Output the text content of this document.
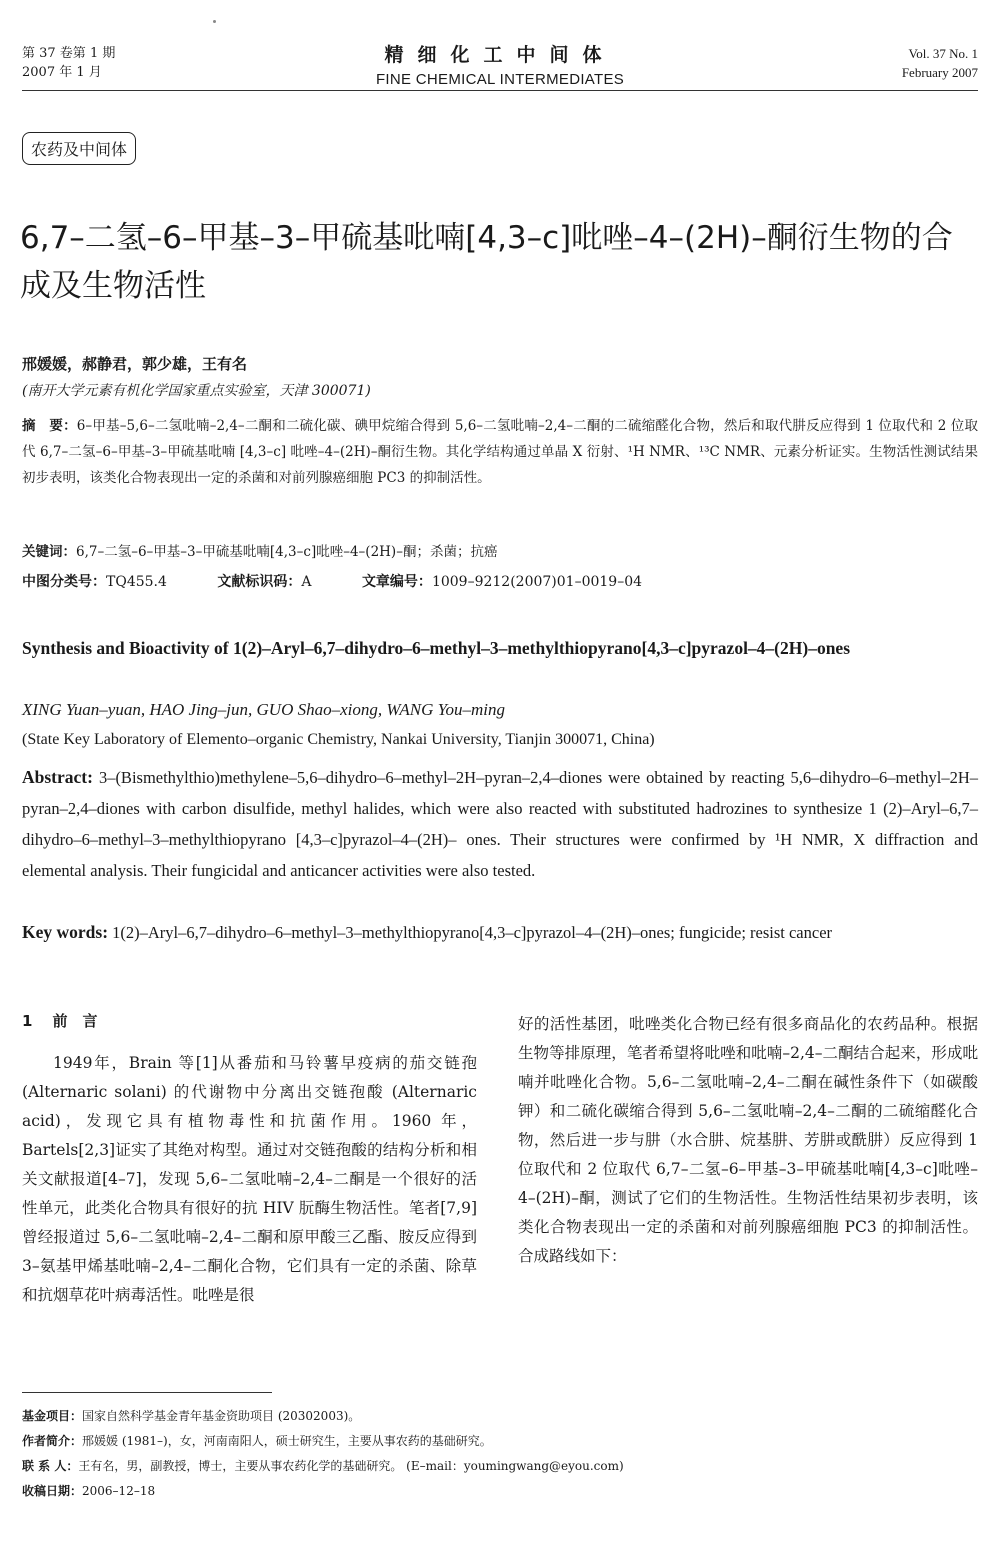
第 37 卷第 1 期
2007 年 1 月
精细化工中间体
FINE CHEMICAL INTERMEDIATES
Vol. 37 No. 1
February 2007
农药及中间体
6,7–二氢–6–甲基–3–甲硫基吡喃[4,3–c]吡唑–4–(2H)–酮衍生物的合成及生物活性
邢媛媛，郝静君，郭少雄，王有名
(南开大学元素有机化学国家重点实验室，天津 300071)
摘　要：6–甲基–5,6–二氢吡喃–2,4–二酮和二硫化碳、碘甲烷缩合得到 5,6–二氢吡喃–2,4–二酮的二硫缩醛化合物，然后和取代肼反应得到 1 位取代和 2 位取代 6,7–二氢–6–甲基–3–甲硫基吡喃 [4,3–c] 吡唑–4–(2H)–酮衍生物。其化学结构通过单晶 X 衍射、¹H NMR、¹³C NMR、元素分析证实。生物活性测试结果初步表明，该类化合物表现出一定的杀菌和对前列腺癌细胞 PC3 的抑制活性。
关键词：6,7–二氢–6–甲基–3–甲硫基吡喃[4,3–c]吡唑–4–(2H)–酮；杀菌；抗癌
中图分类号：TQ455.4	文献标识码：A	文章编号：1009–9212(2007)01–0019–04
Synthesis and Bioactivity of 1(2)–Aryl–6,7–dihydro–6–methyl–3–methylthiopyrano[4,3–c]pyrazol–4–(2H)–ones
XING Yuan–yuan, HAO Jing–jun, GUO Shao–xiong, WANG You–ming
(State Key Laboratory of Elemento–organic Chemistry, Nankai University, Tianjin 300071, China)
Abstract: 3–(Bismethylthio)methylene–5,6–dihydro–6–methyl–2H–pyran–2,4–diones were obtained by reacting 5,6–dihydro–6–methyl–2H–pyran–2,4–diones with carbon disulfide, methyl halides, which were also reacted with substituted hadrozines to synthesize 1 (2)–Aryl–6,7–dihydro–6–methyl–3–methylthiopyrano [4,3–c]pyrazol–4–(2H)– ones. Their structures were confirmed by ¹H NMR, X diffraction and elemental analysis. Their fungicidal and anticancer activities were also tested.
Key words: 1(2)–Aryl–6,7–dihydro–6–methyl–3–methylthiopyrano[4,3–c]pyrazol–4–(2H)–ones; fungicide; resist cancer
1 前　言

1949年，Brain 等[1]从番茄和马铃薯早疫病的茄交链孢 (Alternaric solani) 的代谢物中分离出交链孢酸 (Alternaric acid)，发现它具有植物毒性和抗菌作用。1960 年，Bartels[2,3]证实了其绝对构型。通过对交链孢酸的结构分析和相关文献报道[4–7]，发现 5,6–二氢吡喃–2,4–二酮是一个很好的活性单元，此类化合物具有很好的抗 HIV 朊酶生物活性。笔者[7,9]曾经报道过 5,6–二氢吡喃–2,4–二酮和原甲酸三乙酯、胺反应得到 3–氨基甲烯基吡喃–2,4–二酮化合物，它们具有一定的杀菌、除草和抗烟草花叶病毒活性。吡唑是很

好的活性基团，吡唑类化合物已经有很多商品化的农药品种。根据生物等排原理，笔者希望将吡唑和吡喃–2,4–二酮结合起来，形成吡喃并吡唑化合物。5,6–二氢吡喃–2,4–二酮在碱性条件下（如碳酸钾）和二硫化碳缩合得到 5,6–二氢吡喃–2,4–二酮的二硫缩醛化合物，然后进一步与肼（水合肼、烷基肼、芳肼或酰肼）反应得到 1 位取代和 2 位取代 6,7–二氢–6–甲基–3–甲硫基吡喃[4,3–c]吡唑–4–(2H)–酮，测试了它们的生物活性。生物活性结果初步表明，该类化合物表现出一定的杀菌和对前列腺癌细胞 PC3 的抑制活性。合成路线如下：

基金项目：国家自然科学基金青年基金资助项目 (20302003)。
作者简介：邢媛媛 (1981–)，女，河南南阳人，硕士研究生，主要从事农药的基础研究。
联 系 人：王有名，男，副教授，博士，主要从事农药化学的基础研究。 (E–mail：youmingwang@eyou.com)
收稿日期：2006–12–18
